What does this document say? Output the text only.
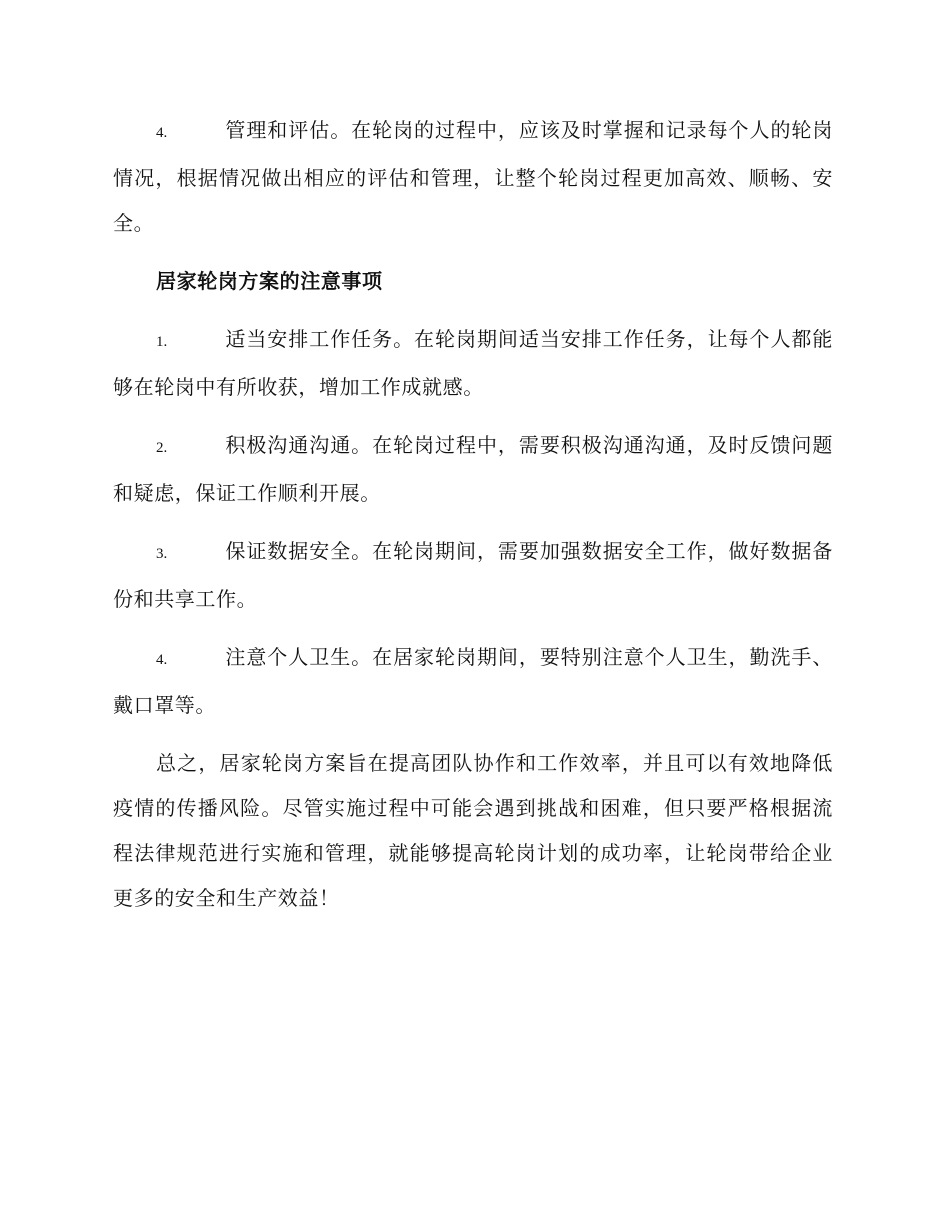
4.	管理和评估。在轮岗的过程中，应该及时掌握和记录每个人的轮岗情况，根据情况做出相应的评估和管理，让整个轮岗过程更加高效、顺畅、安全。

居家轮岗方案的注意事项

1.	适当安排工作任务。在轮岗期间适当安排工作任务，让每个人都能够在轮岗中有所收获，增加工作成就感。

2.	积极沟通沟通。在轮岗过程中，需要积极沟通沟通，及时反馈问题和疑虑，保证工作顺利开展。

3.	保证数据安全。在轮岗期间，需要加强数据安全工作，做好数据备份和共享工作。

4.	注意个人卫生。在居家轮岗期间，要特别注意个人卫生，勤洗手、戴口罩等。

总之，居家轮岗方案旨在提高团队协作和工作效率，并且可以有效地降低疫情的传播风险。尽管实施过程中可能会遇到挑战和困难，但只要严格根据流程法律规范进行实施和管理，就能够提高轮岗计划的成功率，让轮岗带给企业更多的安全和生产效益！
